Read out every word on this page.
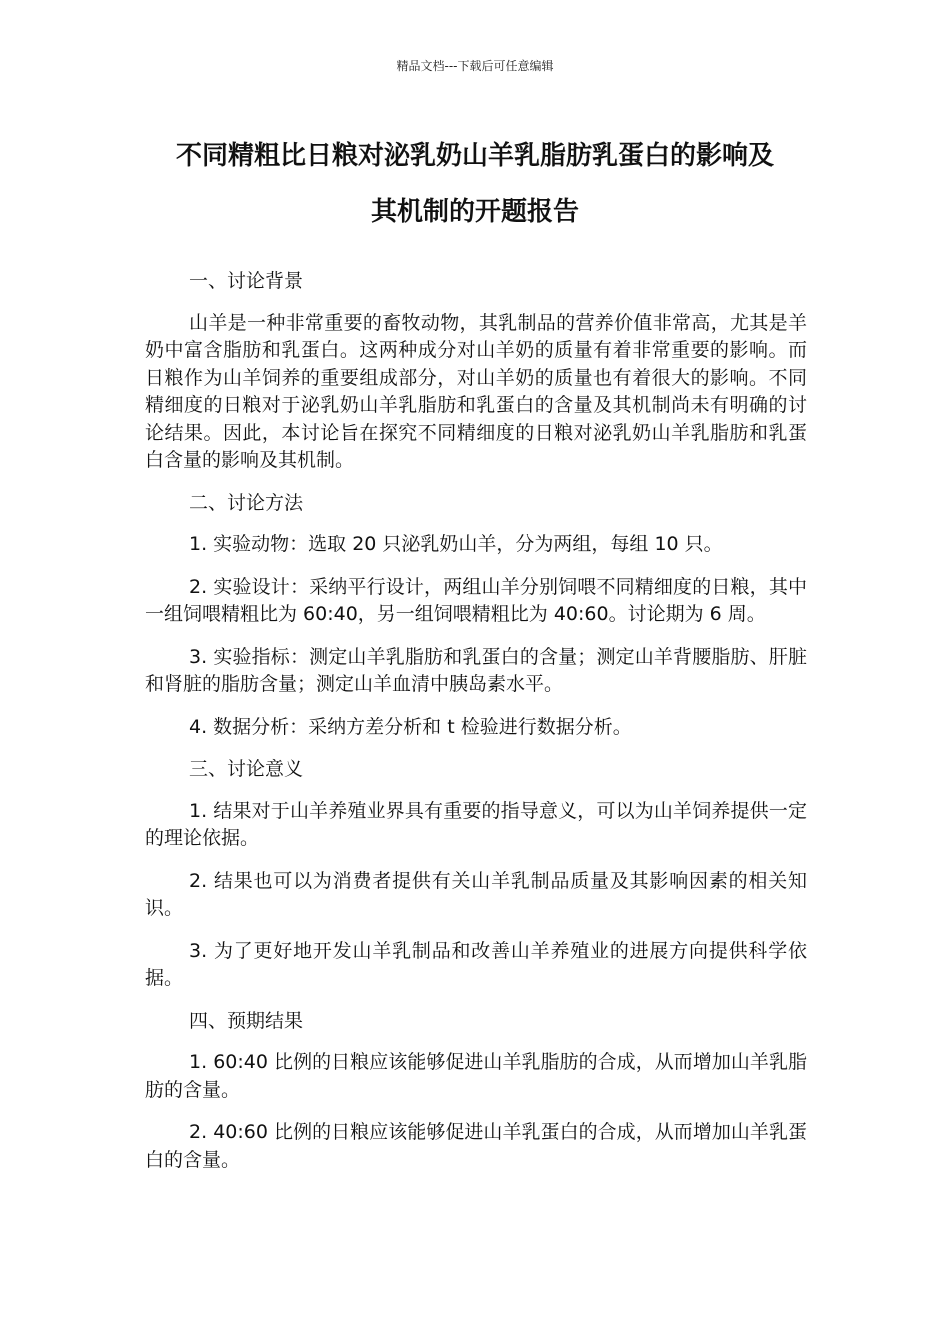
精品文档---下载后可任意编辑
不同精粗比日粮对泌乳奶山羊乳脂肪乳蛋白的影响及
其机制的开题报告

一、讨论背景

山羊是一种非常重要的畜牧动物，其乳制品的营养价值非常高，尤其是羊奶中富含脂肪和乳蛋白。这两种成分对山羊奶的质量有着非常重要的影响。而日粮作为山羊饲养的重要组成部分，对山羊奶的质量也有着很大的影响。不同精细度的日粮对于泌乳奶山羊乳脂肪和乳蛋白的含量及其机制尚未有明确的讨论结果。因此，本讨论旨在探究不同精细度的日粮对泌乳奶山羊乳脂肪和乳蛋白含量的影响及其机制。

二、讨论方法

1. 实验动物：选取 20 只泌乳奶山羊，分为两组，每组 10 只。

2. 实验设计：采纳平行设计，两组山羊分别饲喂不同精细度的日粮，其中一组饲喂精粗比为 60:40，另一组饲喂精粗比为 40:60。讨论期为 6 周。

3. 实验指标：测定山羊乳脂肪和乳蛋白的含量；测定山羊背腰脂肪、肝脏和肾脏的脂肪含量；测定山羊血清中胰岛素水平。

4. 数据分析：采纳方差分析和 t 检验进行数据分析。

三、讨论意义

1. 结果对于山羊养殖业界具有重要的指导意义，可以为山羊饲养提供一定的理论依据。

2. 结果也可以为消费者提供有关山羊乳制品质量及其影响因素的相关知识。

3. 为了更好地开发山羊乳制品和改善山羊养殖业的进展方向提供科学依据。

四、预期结果

1. 60:40 比例的日粮应该能够促进山羊乳脂肪的合成，从而增加山羊乳脂肪的含量。

2. 40:60 比例的日粮应该能够促进山羊乳蛋白的合成，从而增加山羊乳蛋白的含量。
